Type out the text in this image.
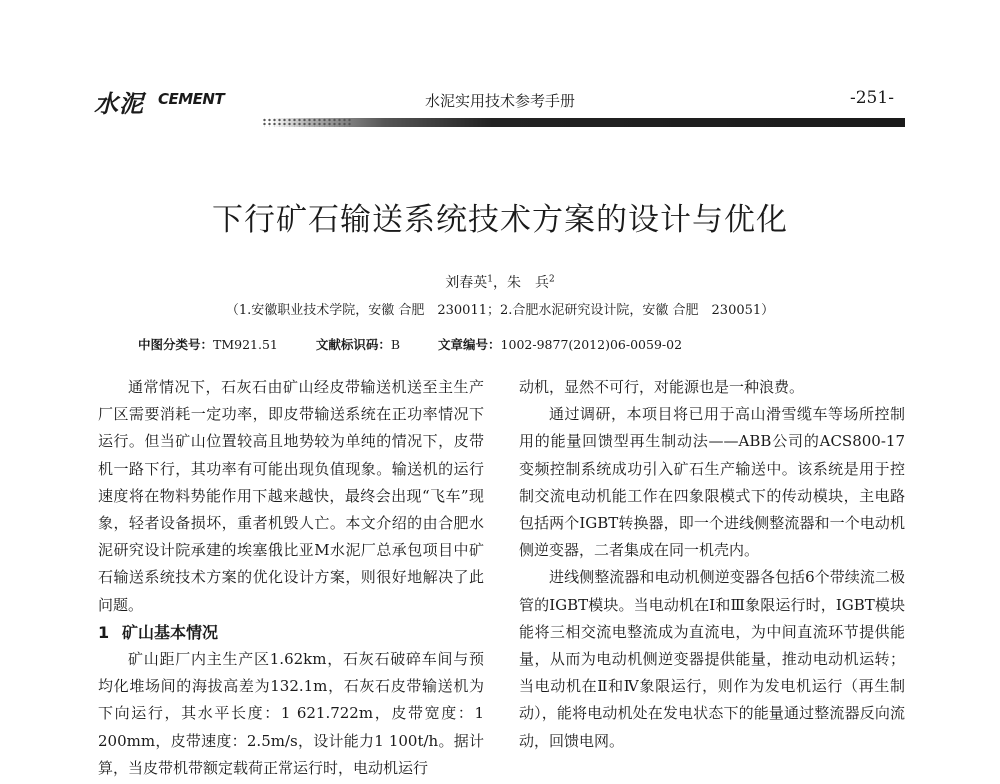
水泥 CEMENT	水泥实用技术参考手册	-251-
下行矿石输送系统技术方案的设计与优化
刘春英$^1$，朱　兵$^2$
（1.安徽职业技术学院，安徽 合肥　230011；2.合肥水泥研究设计院，安徽 合肥　230051）
中图分类号：TM921.51	文献标识码：B	文章编号：1002-9877(2012)06-0059-02

通常情况下，石灰石由矿山经皮带输送机送至主生产厂区需要消耗一定功率，即皮带输送系统在正功率情况下运行。但当矿山位置较高且地势较为单纯的情况下，皮带机一路下行，其功率有可能出现负值现象。输送机的运行速度将在物料势能作用下越来越快，最终会出现“飞车”现象，轻者设备损坏，重者机毁人亡。本文介绍的由合肥水泥研究设计院承建的埃塞俄比亚M水泥厂总承包项目中矿石输送系统技术方案的优化设计方案，则很好地解决了此问题。

1 矿山基本情况

矿山距厂内主生产区1.62km，石灰石破碎车间与预均化堆场间的海拔高差为132.1m，石灰石皮带输送机为下向运行，其水平长度：1 621.722m，皮带宽度：1 200mm，皮带速度：2.5m/s，设计能力1 100t/h。据计算，当皮带机带额定载荷正常运行时，电动机运行

动机，显然不可行，对能源也是一种浪费。

通过调研，本项目将已用于高山滑雪缆车等场所控制用的能量回馈型再生制动法——ABB公司的ACS800-17变频控制系统成功引入矿石生产输送中。该系统是用于控制交流电动机能工作在四象限模式下的传动模块，主电路包括两个IGBT转换器，即一个进线侧整流器和一个电动机侧逆变器，二者集成在同一机壳内。

进线侧整流器和电动机侧逆变器各包括6个带续流二极管的IGBT模块。当电动机在Ⅰ和Ⅲ象限运行时，IGBT模块能将三相交流电整流成为直流电，为中间直流环节提供能量，从而为电动机侧逆变器提供能量，推动电动机运转；当电动机在Ⅱ和Ⅳ象限运行，则作为发电机运行（再生制动），能将电动机处在发电状态下的能量通过整流器反向流动，回馈电网。
